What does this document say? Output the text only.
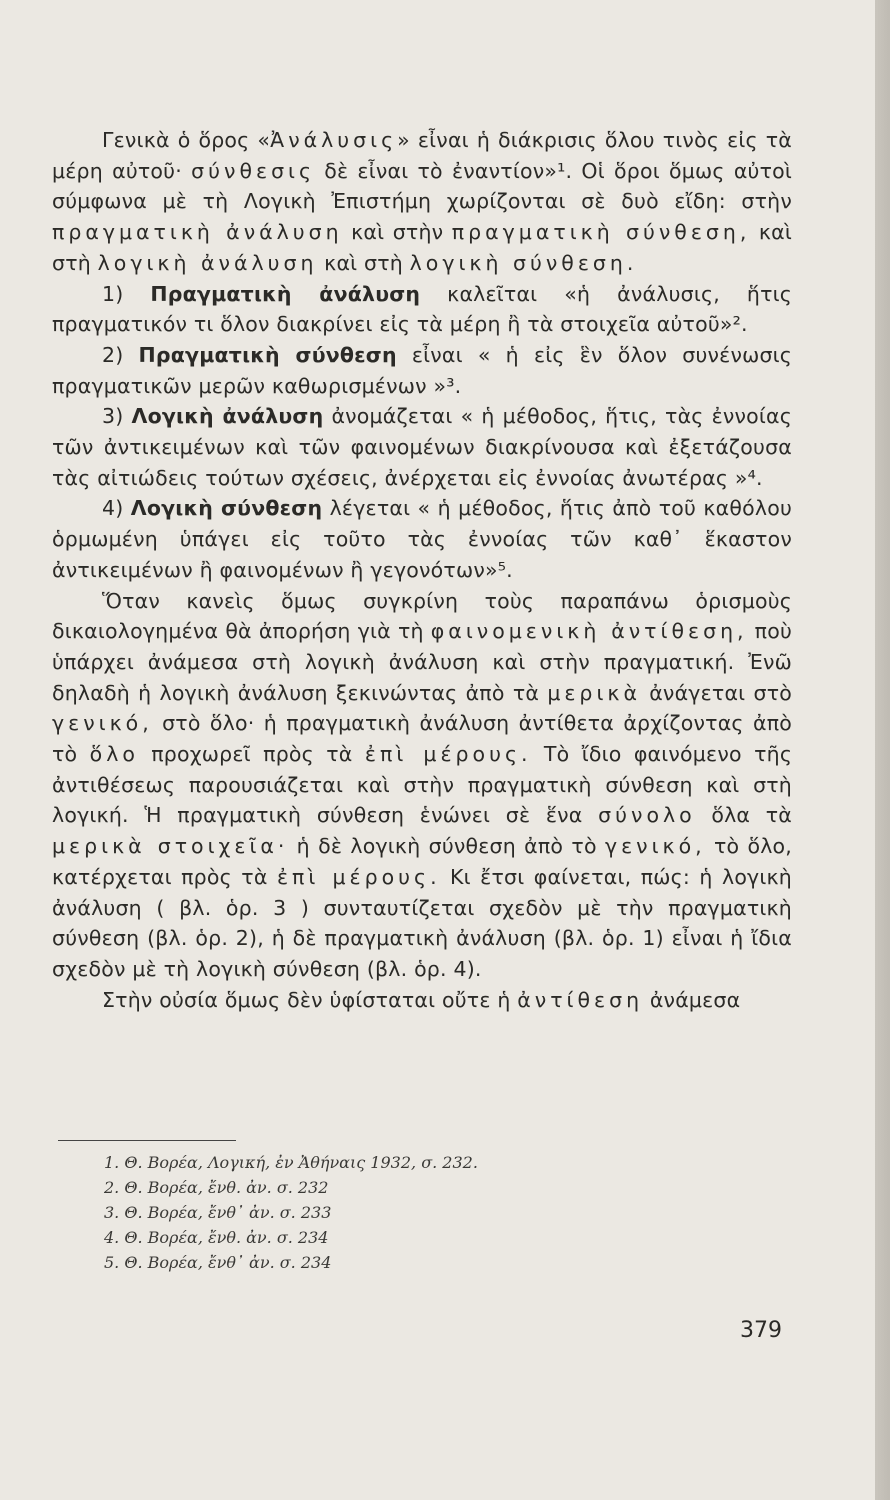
Γενικὰ ὁ ὅρος «Ἀνάλυσις» εἶναι ἡ διάκρισις ὅλου τινὸς εἰς τὰ μέρη αὐτοῦ· σύνθεσις δὲ εἶναι τὸ ἐναντίον»¹. Οἱ ὅροι ὅμως αὐτοὶ σύμφωνα μὲ τὴ Λογικὴ Ἐπιστήμη χωρίζονται σὲ δυὸ εἴδη: στὴν πραγματικὴ ἀνάλυση καὶ στὴν πραγματικὴ σύνθεση, καὶ στὴ λογικὴ ἀνάλυση καὶ στὴ λογικὴ σύνθεση.

1) Πραγματικὴ ἀνάλυση καλεῖται «ἡ ἀνάλυσις, ἥτις πραγματικόν τι ὅλον διακρίνει εἰς τὰ μέρη ἢ τὰ στοιχεῖα αὐτοῦ»².

2) Πραγματικὴ σύνθεση εἶναι « ἡ εἰς ἓν ὅλον συνένωσις πραγματικῶν μερῶν καθωρισμένων »³.

3) Λογικὴ ἀνάλυση ἀνομάζεται « ἡ μέθοδος, ἥτις, τὰς ἐννοίας τῶν ἀντικειμένων καὶ τῶν φαινομένων διακρίνουσα καὶ ἐξετάζουσα τὰς αἰτιώδεις τούτων σχέσεις, ἀνέρχεται εἰς ἐννοίας ἀνωτέρας »⁴.

4) Λογικὴ σύνθεση λέγεται « ἡ μέθοδος, ἥτις ἀπὸ τοῦ καθόλου ὁρμωμένη ὑπάγει εἰς τοῦτο τὰς ἐννοίας τῶν καθ᾽ ἕκαστον ἀντικειμένων ἢ φαινομένων ἢ γεγονότων»⁵.

Ὅταν κανεὶς ὅμως συγκρίνη τοὺς παραπάνω ὁρισμοὺς δικαιολογημένα θὰ ἀπορήση γιὰ τὴ φαινομενικὴ ἀντίθεση, ποὺ ὑπάρχει ἀνάμεσα στὴ λογικὴ ἀνάλυση καὶ στὴν πραγματική. Ἐνῶ δηλαδὴ ἡ λογικὴ ἀνάλυση ξεκινώντας ἀπὸ τὰ μερικὰ ἀνάγεται στὸ γενικό, στὸ ὅλο· ἡ πραγματικὴ ἀνάλυση ἀντίθετα ἀρχίζοντας ἀπὸ τὸ ὅλο προχωρεῖ πρὸς τὰ ἐπὶ μέρους. Τὸ ἴδιο φαινόμενο τῆς ἀντιθέσεως παρουσιάζεται καὶ στὴν πραγματικὴ σύνθεση καὶ στὴ λογική. Ἡ πραγματικὴ σύνθεση ἑνώνει σὲ ἕνα σύνολο ὅλα τὰ μερικὰ στοιχεῖα· ἡ δὲ λογικὴ σύνθεση ἀπὸ τὸ γενικό, τὸ ὅλο, κατέρχεται πρὸς τὰ ἐπὶ μέρους. Κι ἔτσι φαίνεται, πώς: ἡ λογικὴ ἀνάλυση ( βλ. ὁρ. 3 ) συνταυτίζεται σχεδὸν μὲ τὴν πραγματικὴ σύνθεση (βλ. ὁρ. 2), ἡ δὲ πραγματικὴ ἀνάλυση (βλ. ὁρ. 1) εἶναι ἡ ἴδια σχεδὸν μὲ τὴ λογικὴ σύνθεση (βλ. ὁρ. 4).

Στὴν οὐσία ὅμως δὲν ὑφίσταται οὔτε ἡ ἀντίθεση ἀνάμεσα

1. Θ. Βορέα, Λογική, ἐν Ἀθήναις 1932, σ. 232.
2. Θ. Βορέα, ἔνθ. ἀν. σ. 232
3. Θ. Βορέα, ἔνθ᾽ ἀν. σ. 233
4. Θ. Βορέα, ἔνθ. ἀν. σ. 234
5. Θ. Βορέα, ἔνθ᾽ ἀν. σ. 234
379
